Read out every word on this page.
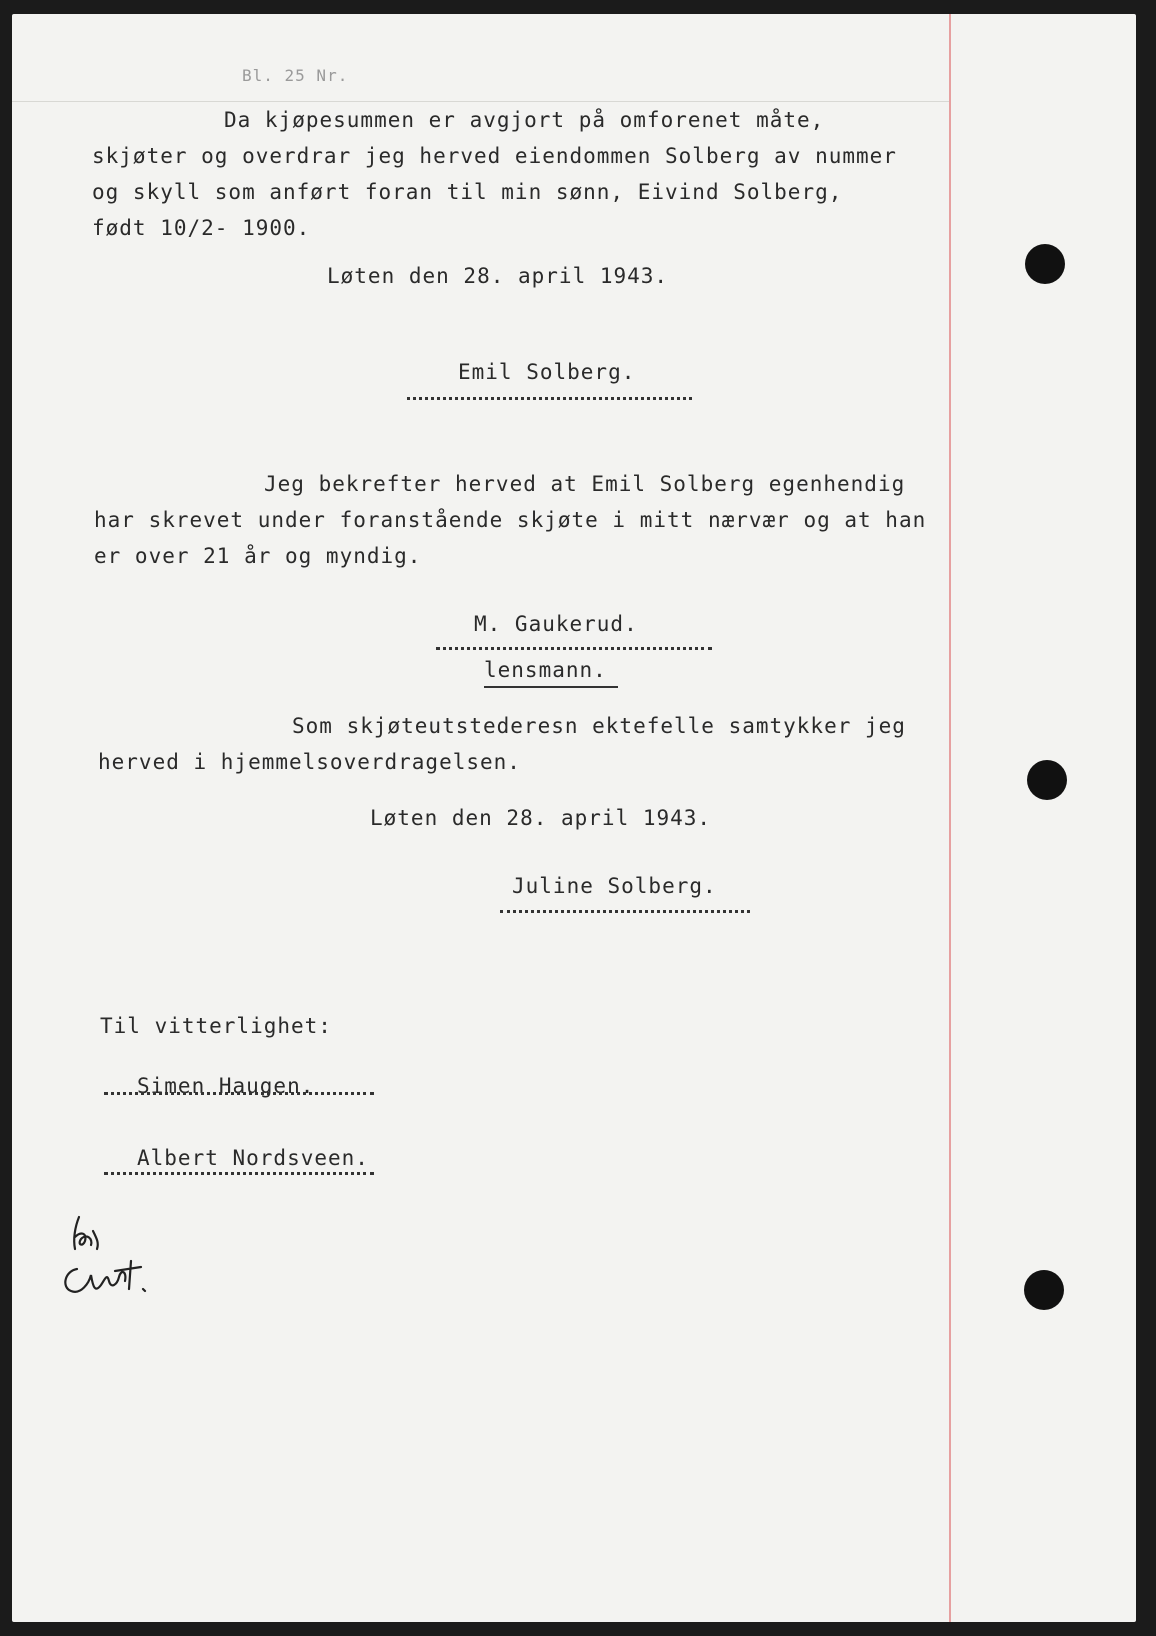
Bl. 25 Nr.

Da kjøpesummen er avgjort på omforenet måte,

skjøter og overdrar jeg herved eiendommen Solberg av nummer

og skyll som anført foran til min sønn, Eivind Solberg,

født 10/2- 1900.

Løten den 28. april 1943.

Emil Solberg.

Jeg bekrefter herved at Emil Solberg egenhendig

har skrevet under foranstående skjøte i mitt nærvær og at han

er over 21 år og myndig.

M. Gaukerud.

lensmann.

Som skjøteutstederesn ektefelle samtykker jeg

herved i hjemmelsoverdragelsen.

Løten den 28. april 1943.

Juline Solberg.

Til vitterlighet:

Simen Haugen.

Albert Nordsveen.
